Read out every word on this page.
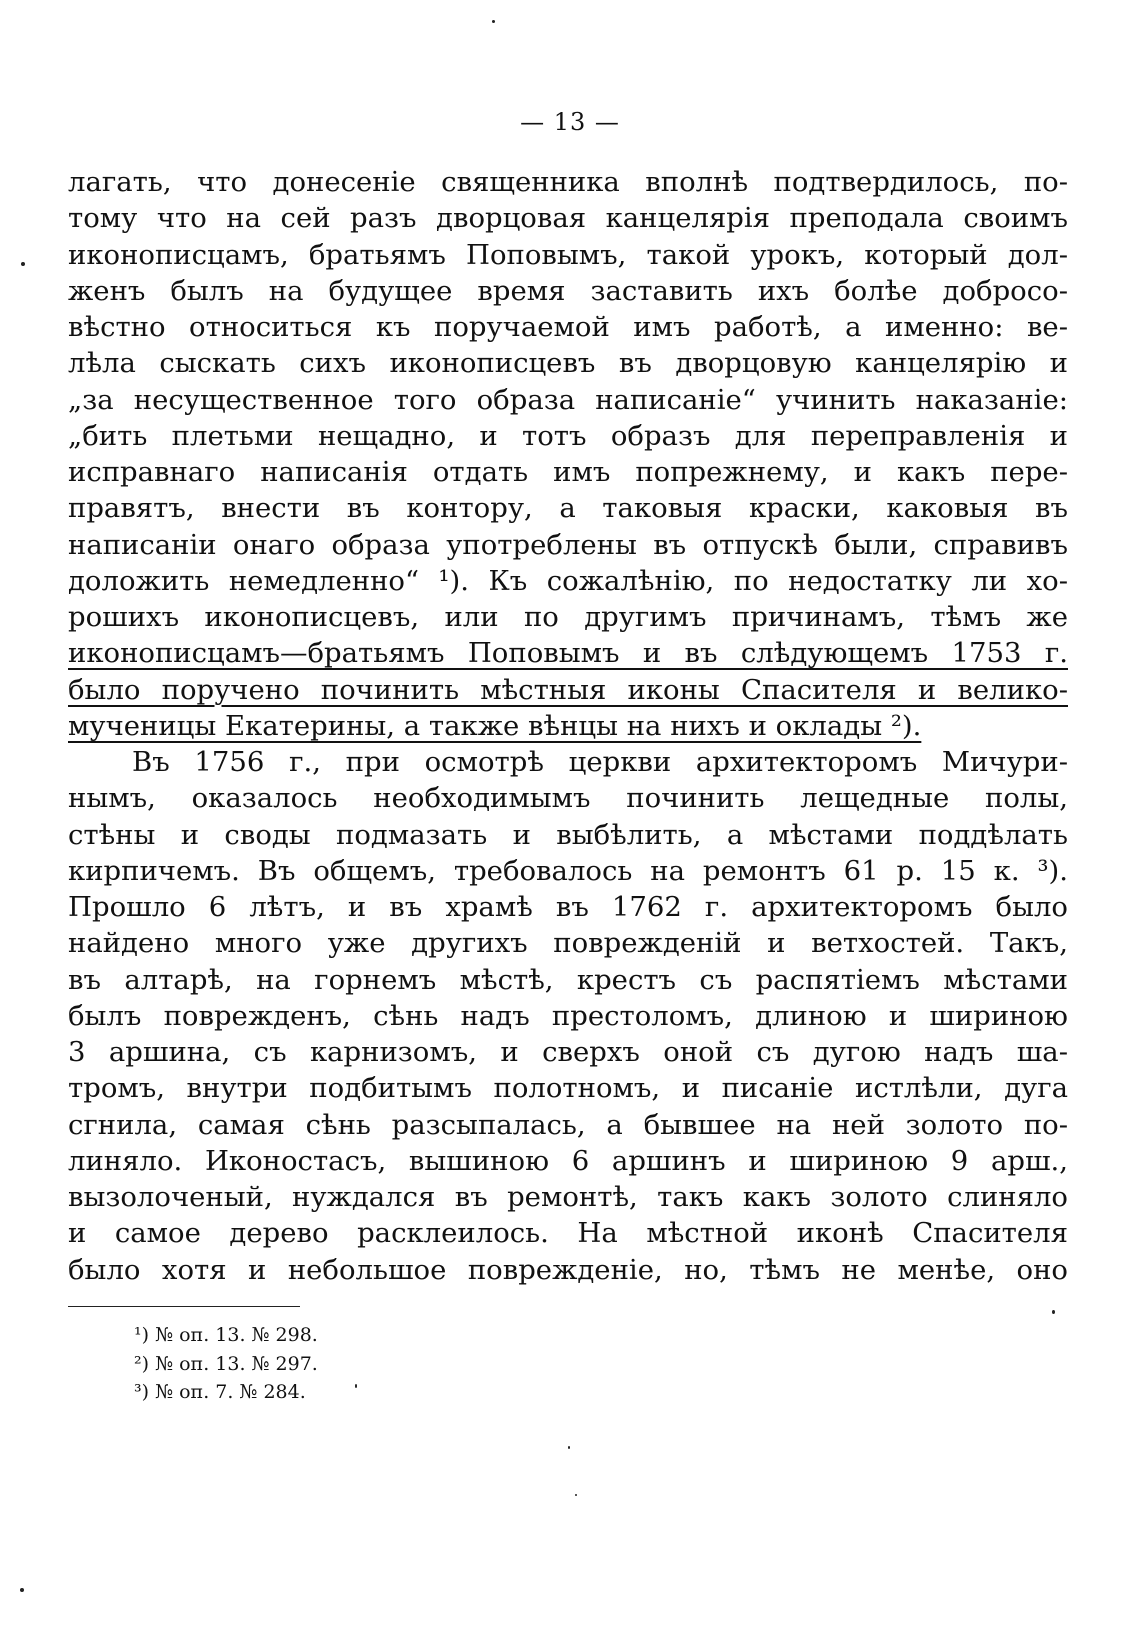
— 13 —
лагать, что донесеніе священника вполнѣ подтвердилось, по-
тому что на сей разъ дворцовая канцелярія преподала своимъ
иконописцамъ, братьямъ Поповымъ, такой урокъ, который дол-
женъ былъ на будущее время заставить ихъ болѣе добросо-
вѣстно относиться къ поручаемой имъ работѣ, а именно: ве-
лѣла сыскать сихъ иконописцевъ въ дворцовую канцелярію и
„за несущественное того образа написаніе“ учинить наказаніе:
„бить плетьми нещадно, и тотъ образъ для переправленія и
исправнаго написанія отдать имъ попрежнему, и какъ пере-
правятъ, внести въ контору, а таковыя краски, каковыя въ
написаніи онаго образа употреблены въ отпускѣ были, справивъ
доложить немедленно“ ¹). Къ сожалѣнію, по недостатку ли хо-
рошихъ иконописцевъ, или по другимъ причинамъ, тѣмъ же
иконописцамъ—братьямъ Поповымъ и въ слѣдующемъ 1753 г.
было поручено починить мѣстныя иконы Спасителя и велико-
мученицы Екатерины, а также вѣнцы на нихъ и оклады ²).
Въ 1756 г., при осмотрѣ церкви архитекторомъ Мичури-
нымъ, оказалось необходимымъ починить лещедные полы,
стѣны и своды подмазать и выбѣлить, а мѣстами поддѣлать
кирпичемъ. Въ общемъ, требовалось на ремонтъ 61 р. 15 к. ³).
Прошло 6 лѣтъ, и въ храмѣ въ 1762 г. архитекторомъ было
найдено много уже другихъ поврежденій и ветхостей. Такъ,
въ алтарѣ, на горнемъ мѣстѣ, крестъ съ распятіемъ мѣстами
былъ поврежденъ, сѣнь надъ престоломъ, длиною и шириною
3 аршина, съ карнизомъ, и сверхъ оной съ дугою надъ ша-
тромъ, внутри подбитымъ полотномъ, и писаніе истлѣли, дуга
сгнила, самая сѣнь разсыпалась, а бывшее на ней золото по-
линяло. Иконостасъ, вышиною 6 аршинъ и шириною 9 арш.,
вызолоченый, нуждался въ ремонтѣ, такъ какъ золото слиняло
и самое дерево расклеилось. На мѣстной иконѣ Спасителя
было хотя и небольшое поврежденіе, но, тѣмъ не менѣе, оно
¹) № оп. 13. № 298.
²) № оп. 13. № 297.
³) № оп. 7. № 284.
